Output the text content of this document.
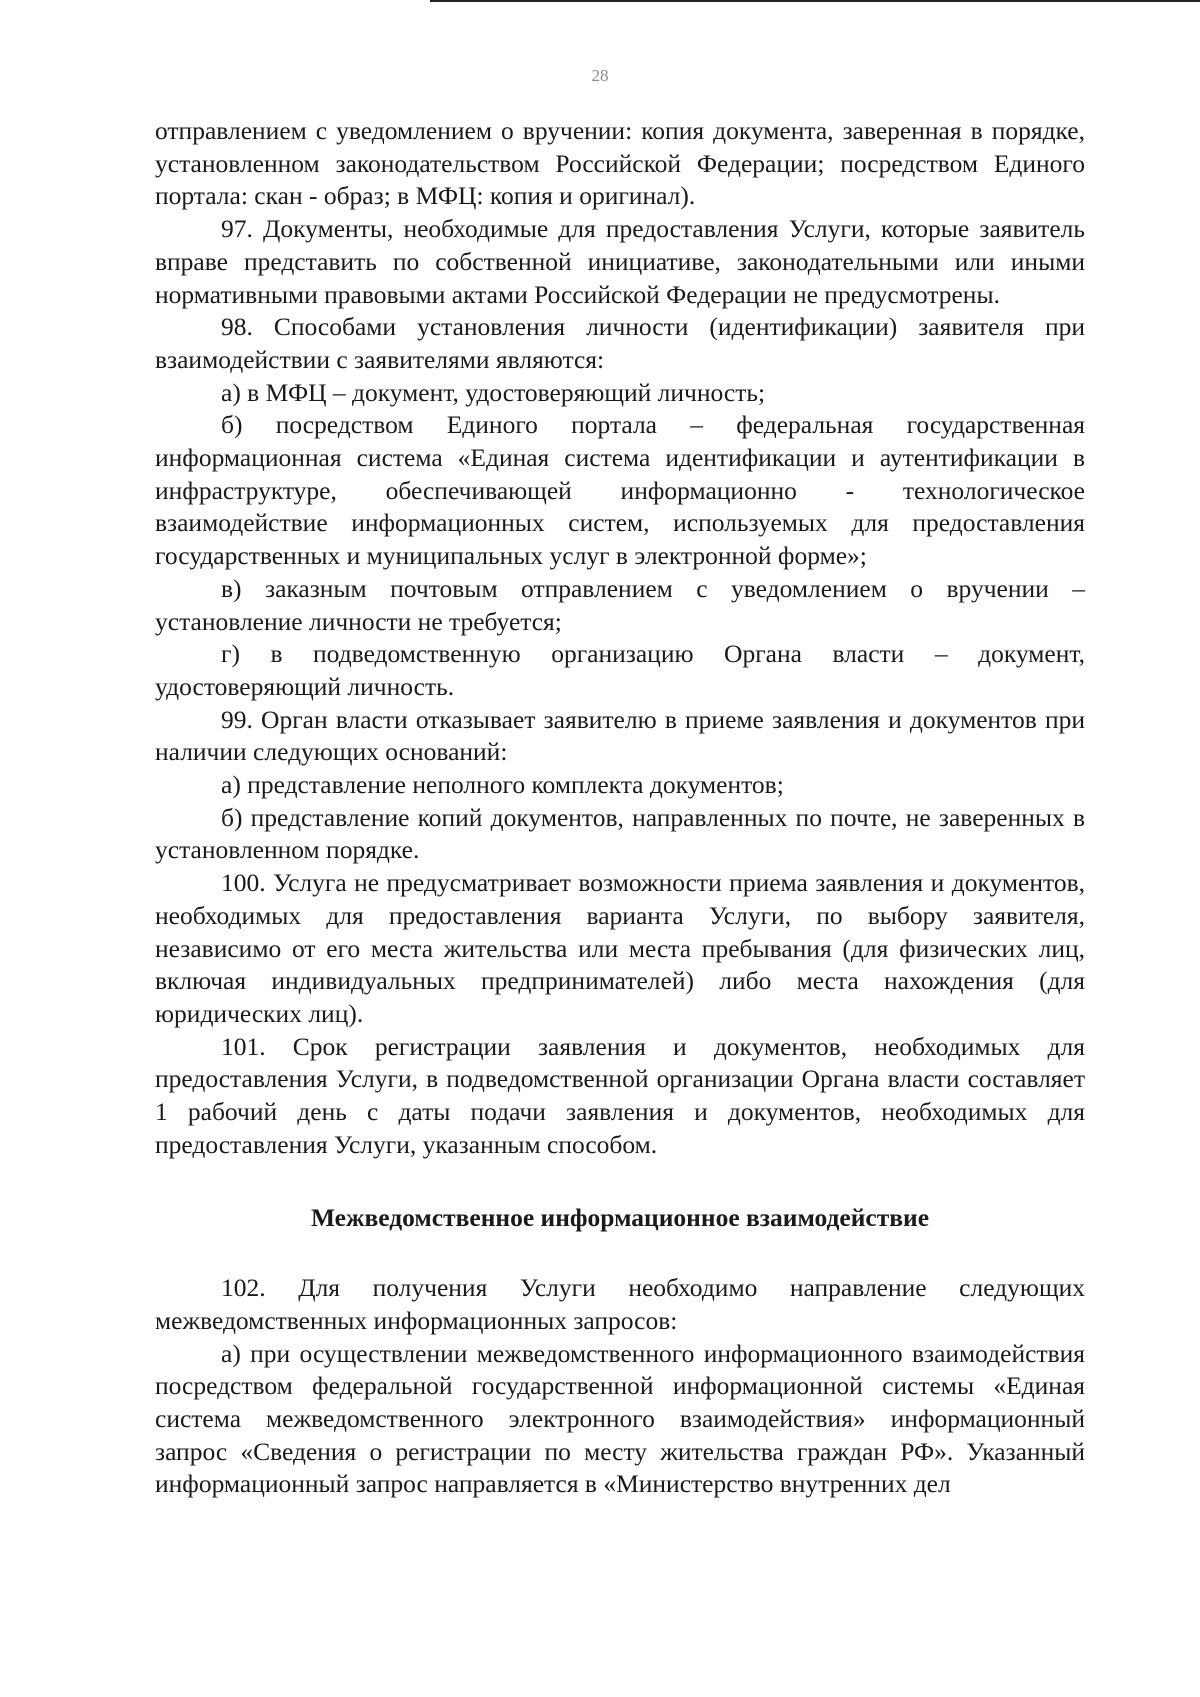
28

отправлением с уведомлением о вручении: копия документа, заверенная в порядке, установленном законодательством Российской Федерации; посредством Единого портала: скан - образ; в МФЦ: копия и оригинал).

97. Документы, необходимые для предоставления Услуги, которые заявитель вправе представить по собственной инициативе, законодательными или иными нормативными правовыми актами Российской Федерации не предусмотрены.

98. Способами установления личности (идентификации) заявителя при взаимодействии с заявителями являются:

а) в МФЦ – документ, удостоверяющий личность;

б) посредством Единого портала – федеральная государственная информационная система «Единая система идентификации и аутентификации в инфраструктуре, обеспечивающей информационно - технологическое взаимодействие информационных систем, используемых для предоставления государственных и муниципальных услуг в электронной форме»;

в) заказным почтовым отправлением с уведомлением о вручении – установление личности не требуется;

г) в подведомственную организацию Органа власти – документ, удостоверяющий личность.

99. Орган власти отказывает заявителю в приеме заявления и документов при наличии следующих оснований:

а) представление неполного комплекта документов;

б) представление копий документов, направленных по почте, не заверенных в установленном порядке.

100. Услуга не предусматривает возможности приема заявления и документов, необходимых для предоставления варианта Услуги, по выбору заявителя, независимо от его места жительства или места пребывания (для физических лиц, включая индивидуальных предпринимателей) либо места нахождения (для юридических лиц).

101. Срок регистрации заявления и документов, необходимых для предоставления Услуги, в подведомственной организации Органа власти составляет 1 рабочий день с даты подачи заявления и документов, необходимых для предоставления Услуги, указанным способом.

Межведомственное информационное взаимодействие

102. Для получения Услуги необходимо направление следующих межведомственных информационных запросов:

а) при осуществлении межведомственного информационного взаимодействия посредством федеральной государственной информационной системы «Единая система межведомственного электронного взаимодействия» информационный запрос «Сведения о регистрации по месту жительства граждан РФ». Указанный информационный запрос направляется в «Министерство внутренних дел
